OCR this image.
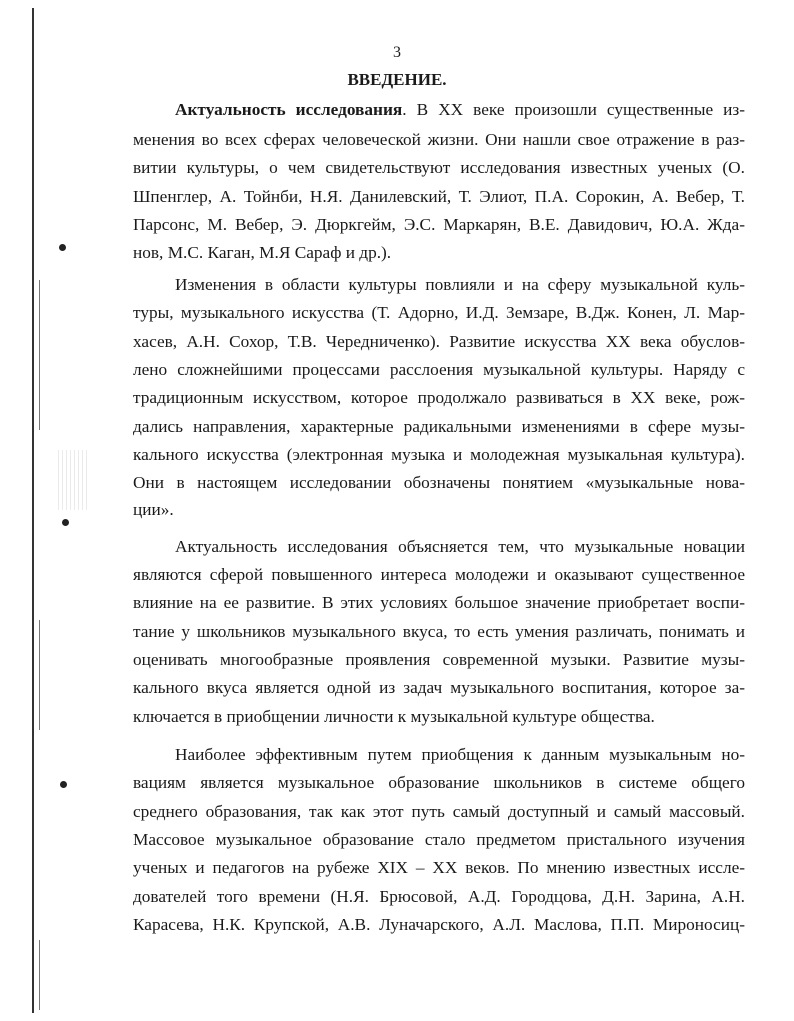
3
ВВЕДЕНИЕ.
Актуальность исследования. В XX веке произошли существенные из-
менения во всех сферах человеческой жизни. Они нашли свое отражение в раз-
витии культуры, о чем свидетельствуют исследования известных ученых (О.
Шпенглер, А. Тойнби, Н.Я. Данилевский, Т. Элиот, П.А. Сорокин, А. Вебер, Т.
Парсонс, М. Вебер, Э. Дюркгейм, Э.С. Маркарян, В.Е. Давидович, Ю.А. Жда-
нов, М.С. Каган, М.Я Сараф и др.).
Изменения в области культуры повлияли и на сферу музыкальной куль-
туры, музыкального искусства (Т. Адорно, И.Д. Земзаре, В.Дж. Конен, Л. Мар-
хасев, А.Н. Сохор, Т.В. Чередниченко). Развитие искусства XX века обуслов-
лено сложнейшими процессами расслоения музыкальной культуры. Наряду с
традиционным искусством, которое продолжало развиваться в XX веке, рож-
дались направления, характерные радикальными изменениями в сфере музы-
кального искусства (электронная музыка и молодежная музыкальная культура).
Они в настоящем исследовании обозначены понятием «музыкальные нова-
ции».
Актуальность исследования объясняется тем, что музыкальные новации
являются сферой повышенного интереса молодежи и оказывают существенное
влияние на ее развитие. В этих условиях большое значение приобретает воспи-
тание у школьников музыкального вкуса, то есть умения различать, понимать и
оценивать многообразные проявления современной музыки. Развитие музы-
кального вкуса является одной из задач музыкального воспитания, которое за-
ключается в приобщении личности к музыкальной культуре общества.
Наиболее эффективным путем приобщения к данным музыкальным но-
вациям является музыкальное образование школьников в системе общего
среднего образования, так как этот путь самый доступный и самый массовый.
Массовое музыкальное образование стало предметом пристального изучения
ученых и педагогов на рубеже XIX – XX веков. По мнению известных иссле-
дователей того времени (Н.Я. Брюсовой, А.Д. Городцова, Д.Н. Зарина, А.Н.
Карасева, Н.К. Крупской, А.В. Луначарского, А.Л. Маслова, П.П. Мироносиц-
